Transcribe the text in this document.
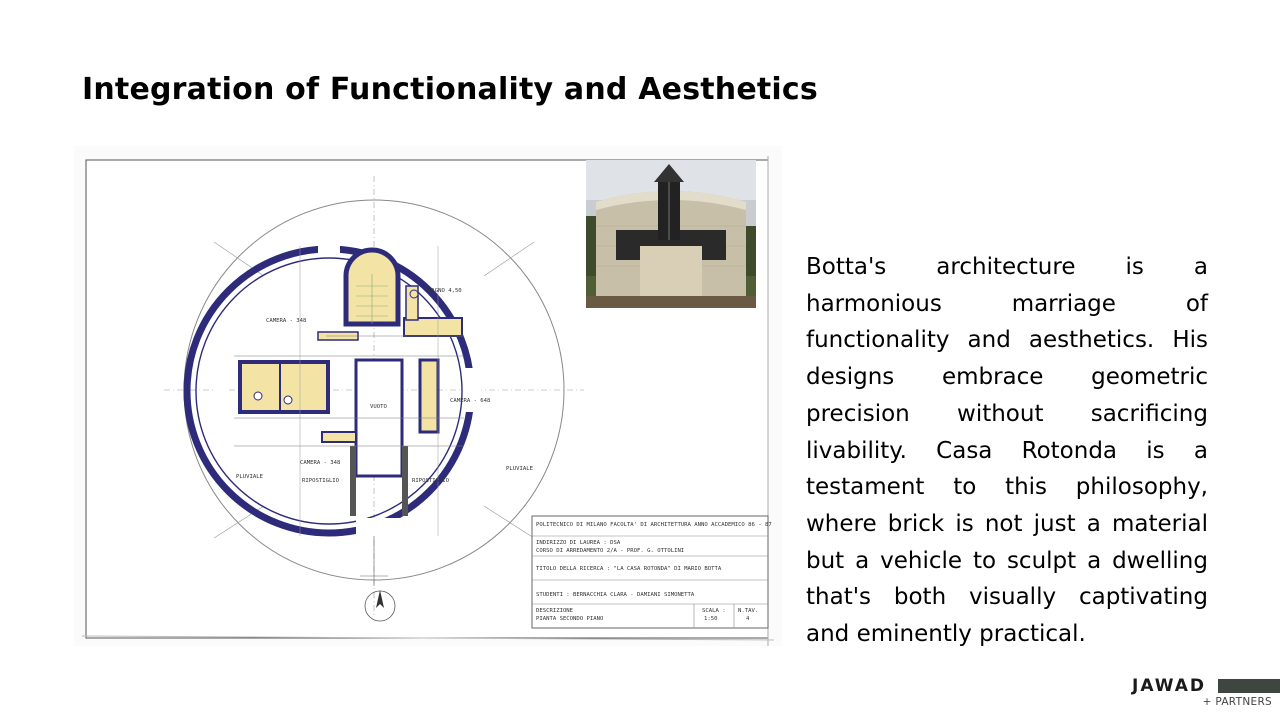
Integration of Functionality and Aesthetics
CAMERA - 348
BAGNO 4,50
CAMERA - 648
VUOTO
CAMERA - 348
RIPOSTIGLIO	RIPOSTIGLIO
PLUVIALE
PLUVIALE
POLITECNICO DI MILANO FACOLTA' DI ARCHITETTURA ANNO ACCADEMICO 86 - 87
INDIRIZZO DI LAUREA : DSA
CORSO DI ARREDAMENTO 2/A - PROF. G. OTTOLINI
TITOLO DELLA RICERCA : "LA CASA ROTONDA" DI MARIO BOTTA
STUDENTI : BERNACCHIA CLARA - DAMIANI SIMONETTA
DESCRIZIONE
PIANTA SECONDO PIANO
SCALA :
1:50
N.TAV.
4

Botta's architecture is a harmonious marriage of functionality and aesthetics. His designs embrace geometric precision without sacrificing livability. Casa Rotonda is a testament to this philosophy, where brick is not just a material but a vehicle to sculpt a dwelling that's both visually captivating and eminently practical.

JAWAD
+ PARTNERS
